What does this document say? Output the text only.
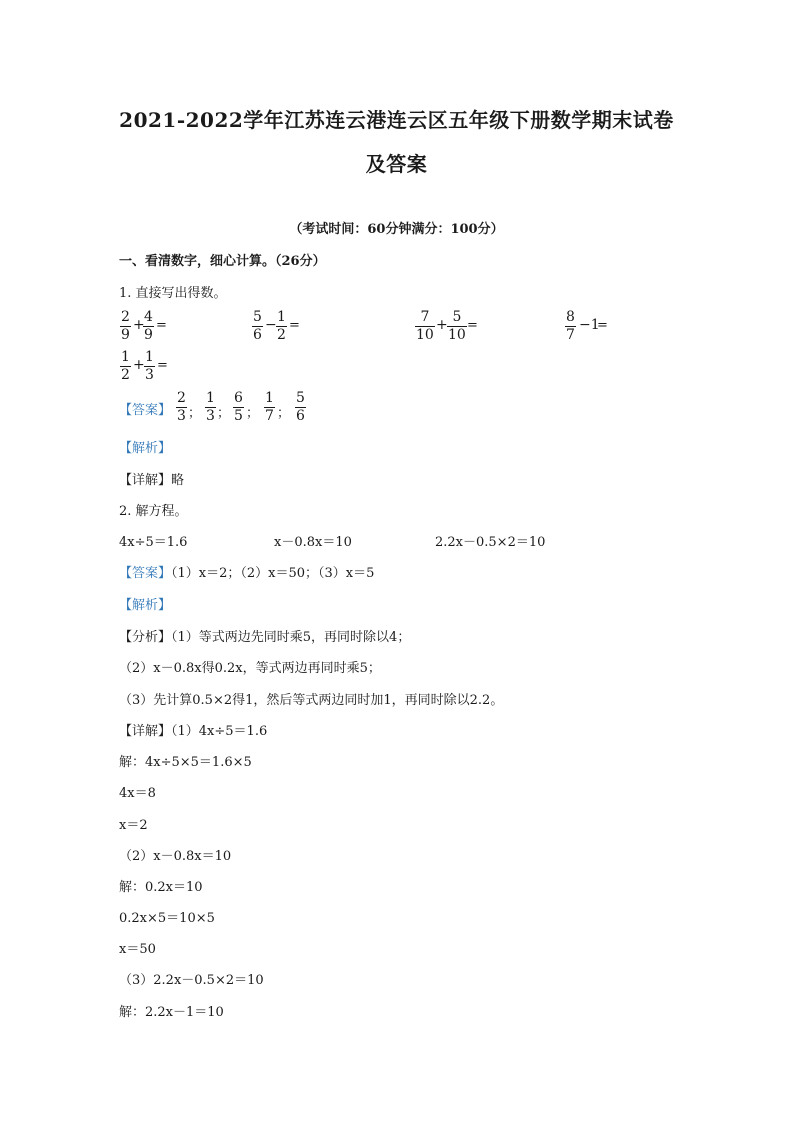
2021-2022学年江苏连云港连云区五年级下册数学期末试卷
及答案
（考试时间：60分钟满分：100分）
一、看清数字，细心计算。（26分）
1. 直接写出得数。
$\frac{2}{9}$ +
$\frac{4}{9}$ =	$\frac{5}{6} - \frac{1}{2}$ =	$\frac{7}{10} + \frac{5}{10}$ =	$\frac{8}{7} -1$
=
$\frac{1}{2} + \frac{1}{3}$ =
【答案】 $\frac{2}{3}$ ； $\frac{1}{3}$ ； $\frac{6}{5}$ ； $\frac{1}{7}$ ； $\frac{5}{6}$
【解析】
【详解】略
2. 解方程。
4x÷5＝1.6	x－0.8x＝10	2.2x－0.5×2＝10
【答案】（1）x＝2；（2）x＝50；（3）x＝5
【解析】
【分析】（1）等式两边先同时乘5，再同时除以4；
（2）x－0.8x得0.2x，等式两边再同时乘5；
（3）先计算0.5×2得1，然后等式两边同时加1，再同时除以2.2。
【详解】（1）4x÷5＝1.6
解：4x÷5×5＝1.6×5
4x＝8
x＝2
（2）x－0.8x＝10
解：0.2x＝10
0.2x×5＝10×5
x＝50
（3）2.2x－0.5×2＝10
解：2.2x－1＝10
